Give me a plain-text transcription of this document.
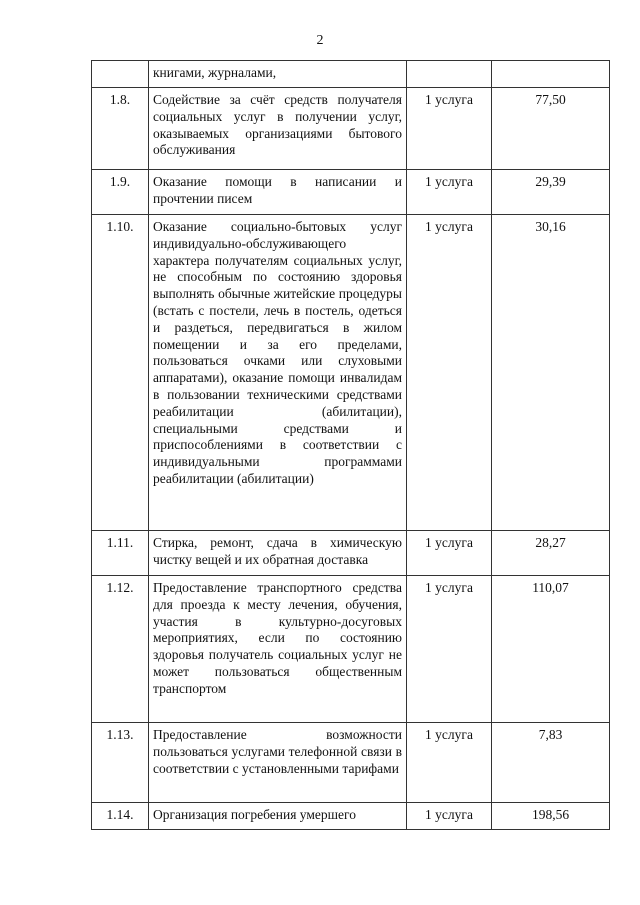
2
	книгами, журналами,		
1.8.	Содействие за счёт средств получателя социальных услуг в получении услуг, оказываемых организациями бытового обслуживания	1 услуга	77,50
1.9.	Оказание помощи в написании и прочтении писем	1 услуга	29,39
1.10.	Оказание социально-бытовых услуг индивидуально-обслуживающего характера получателям социальных услуг, не способным по состоянию здоровья выполнять обычные житейские процедуры (встать с постели, лечь в постель, одеться и раздеться, передвигаться в жилом помещении и за его пределами, пользоваться очками или слуховыми аппаратами), оказание помощи инвалидам в пользовании техническими средствами реабилитации (абилитации), специальными средствами и приспособлениями в соответствии с индивидуальными программами реабилитации (абилитации)	1 услуга	30,16
1.11.	Стирка, ремонт, сдача в химическую чистку вещей и их обратная доставка	1 услуга	28,27
1.12.	Предоставление транспортного средства для проезда к месту лечения, обучения, участия в культурно-досуговых мероприятиях, если по состоянию здоровья получатель социальных услуг не может пользоваться общественным транспортом	1 услуга	110,07
1.13.	Предоставление возможности пользоваться услугами телефонной связи в соответствии с установленными тарифами	1 услуга	7,83
1.14.	Организация погребения умершего	1 услуга	198,56
